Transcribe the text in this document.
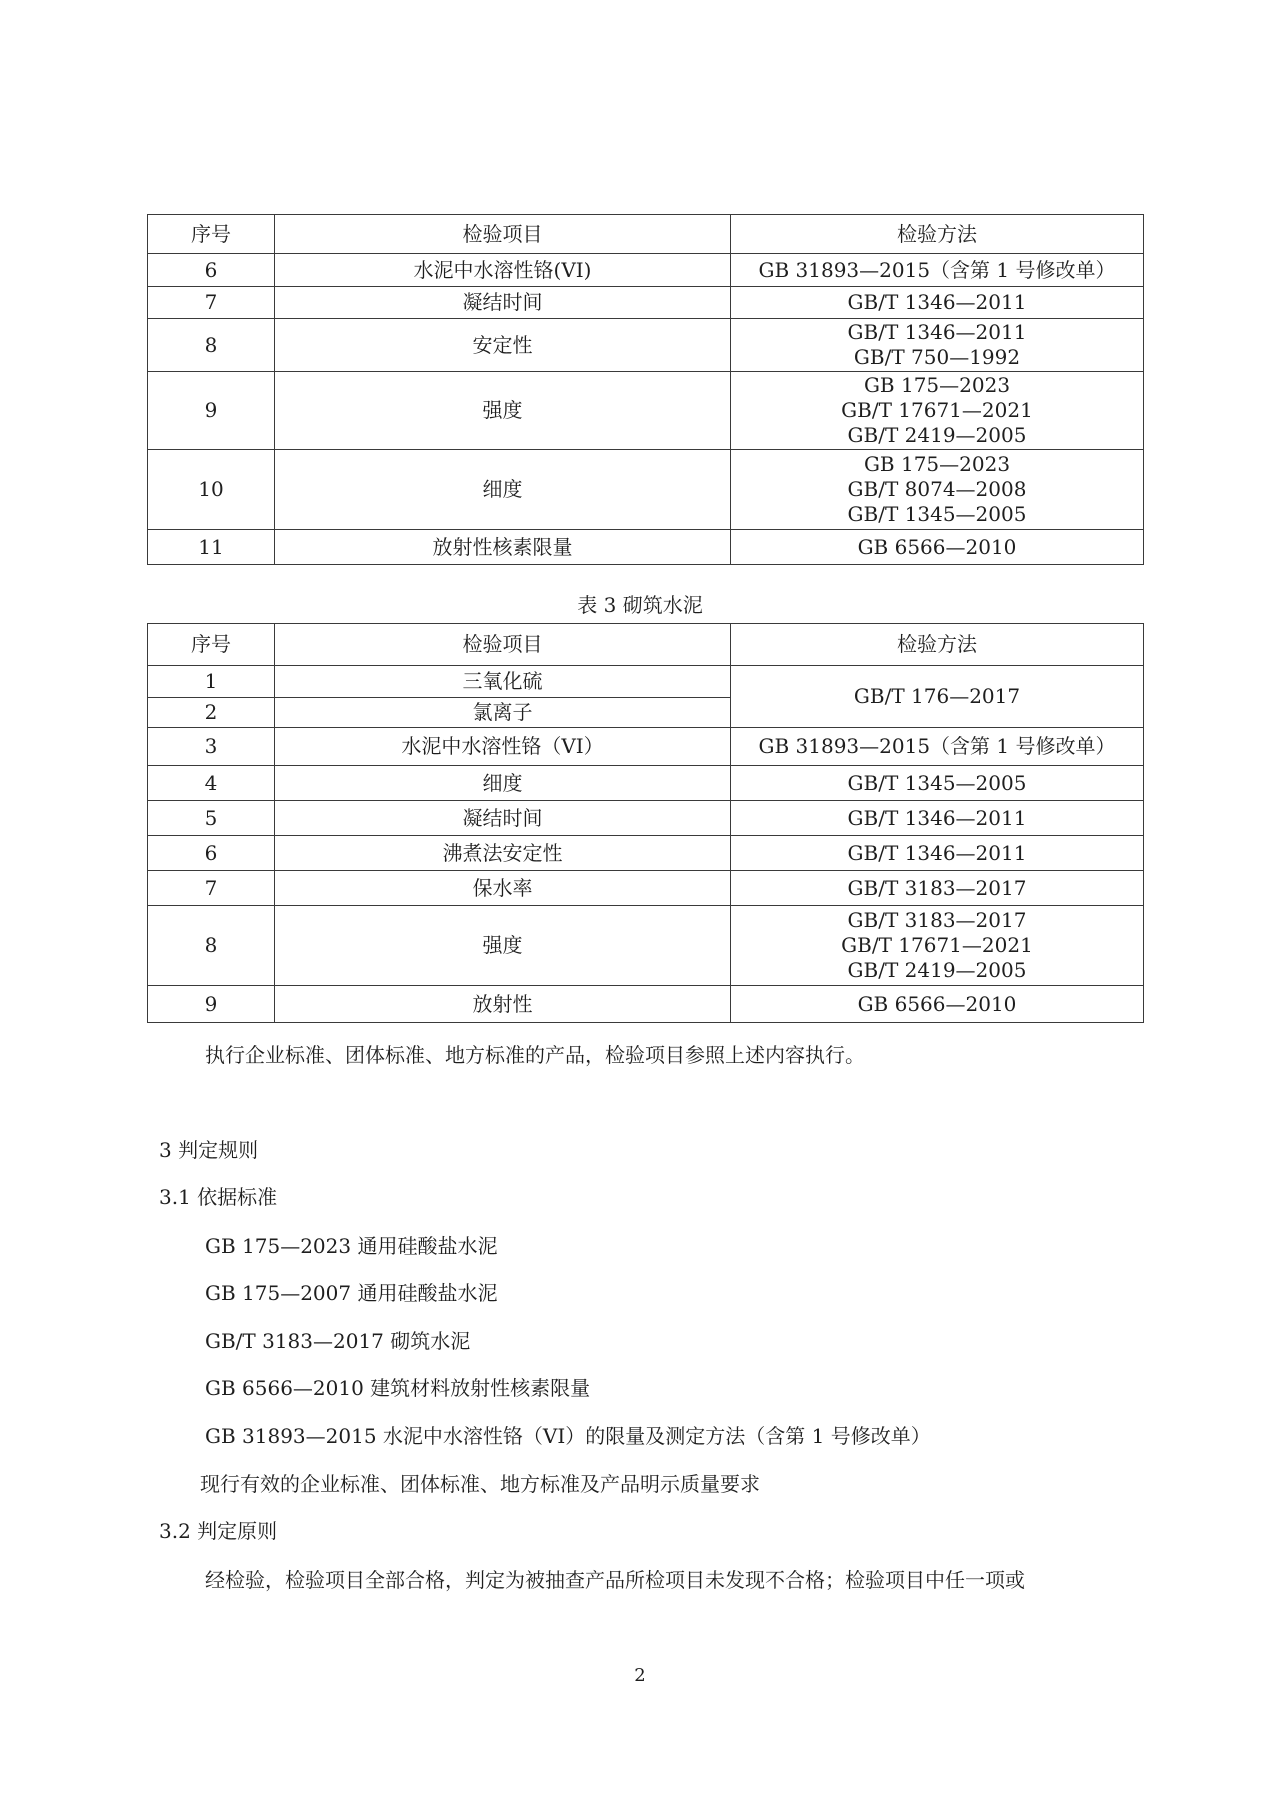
序号	检验项目	检验方法
6	水泥中水溶性铬(VI)	GB 31893—2015（含第 1 号修改单）

7	凝结时间	GB/T 1346—2011

8	安定性	GB/T 1346—2011
GB/T 750—1992

9	强度	GB 175—2023
GB/T 17671—2021
GB/T 2419—2005

10	细度	GB 175—2023
GB/T 8074—2008
GB/T 1345—2005

11	放射性核素限量	GB 6566—2010
表 3 砌筑水泥
序号	检验项目	检验方法
1	三氧化硫	GB/T 176—2017

2	氯离子	
3	水泥中水溶性铬（VI）	GB 31893—2015（含第 1 号修改单）

4	细度	GB/T 1345—2005

5	凝结时间	GB/T 1346—2011

6	沸煮法安定性	GB/T 1346—2011

7	保水率	GB/T 3183—2017

8	强度	GB/T 3183—2017
GB/T 17671—2021
GB/T 2419—2005

9	放射性	GB 6566—2010
执行企业标准、团体标准、地方标准的产品，检验项目参照上述内容执行。
3 判定规则
3.1 依据标准
GB 175—2023 通用硅酸盐水泥
GB 175—2007 通用硅酸盐水泥
GB/T 3183—2017 砌筑水泥
GB 6566—2010 建筑材料放射性核素限量
GB 31893—2015 水泥中水溶性铬（VI）的限量及测定方法（含第 1 号修改单）
现行有效的企业标准、团体标准、地方标准及产品明示质量要求
3.2 判定原则
经检验，检验项目全部合格，判定为被抽查产品所检项目未发现不合格；检验项目中任一项或
2
